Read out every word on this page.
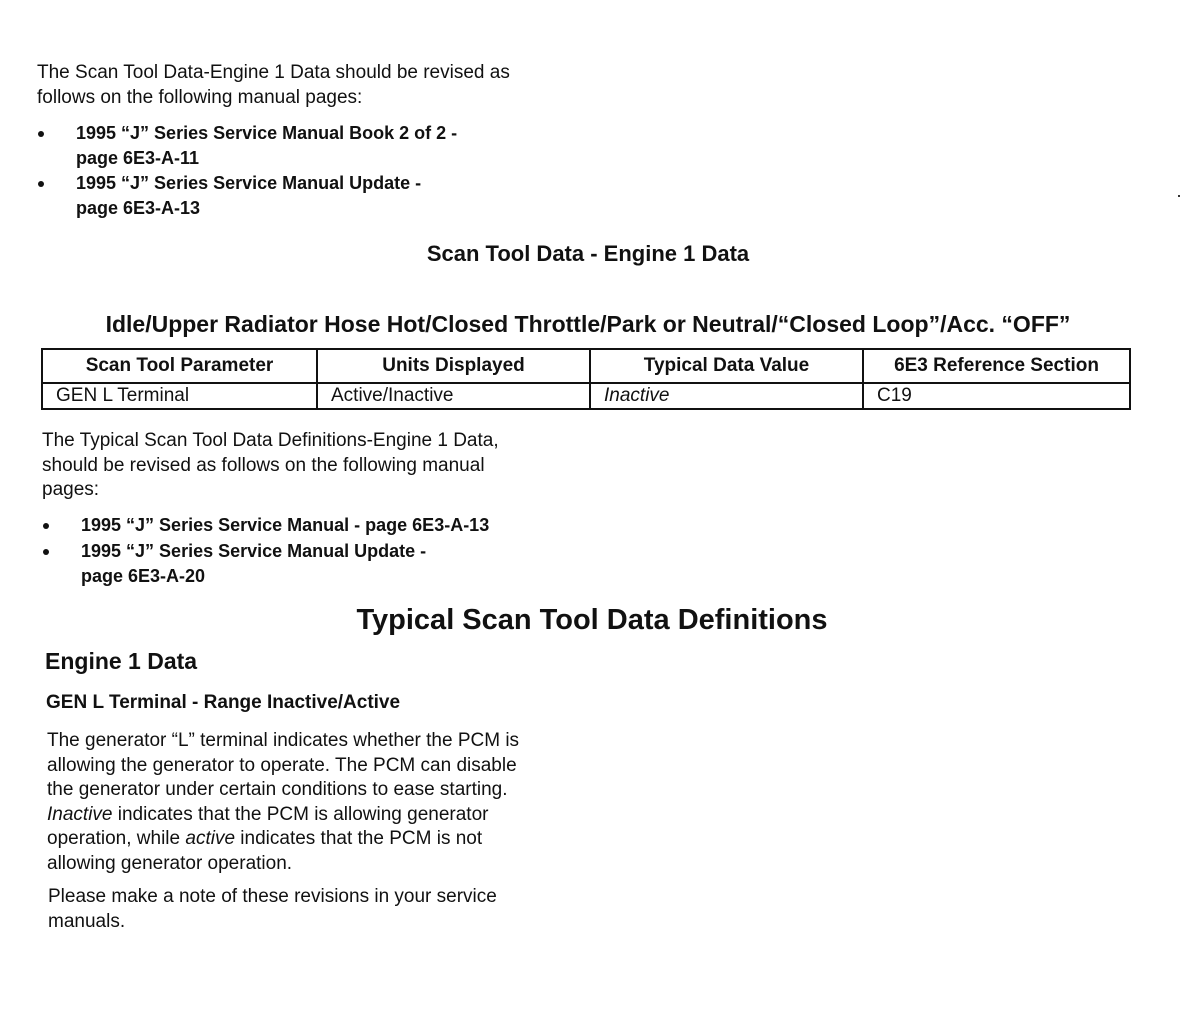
The Scan Tool Data-Engine 1 Data should be revised as

follows on the following manual pages:

1995 “J” Series Service Manual Book 2 of 2 -
page 6E3-A-11
1995 “J” Series Service Manual Update -
page 6E3-A-13
Scan Tool Data - Engine 1 Data
Idle/Upper Radiator Hose Hot/Closed Throttle/Park or Neutral/“Closed Loop”/Acc. “OFF”
Scan Tool Parameter	Units Displayed	Typical Data Value	6E3 Reference Section
GEN L Terminal	Active/Inactive	Inactive	C19

The Typical Scan Tool Data Definitions-Engine 1 Data,

should be revised as follows on the following manual

pages:

1995 “J” Series Service Manual - page 6E3-A-13
1995 “J” Series Service Manual Update -
page 6E3-A-20
Typical Scan Tool Data Definitions
Engine 1 Data
GEN L Terminal - Range Inactive/Active

The generator “L” terminal indicates whether the PCM is

allowing the generator to operate. The PCM can disable

the generator under certain conditions to ease starting.

Inactive indicates that the PCM is allowing generator

operation, while active indicates that the PCM is not

allowing generator operation.

Please make a note of these revisions in your service

manuals.
